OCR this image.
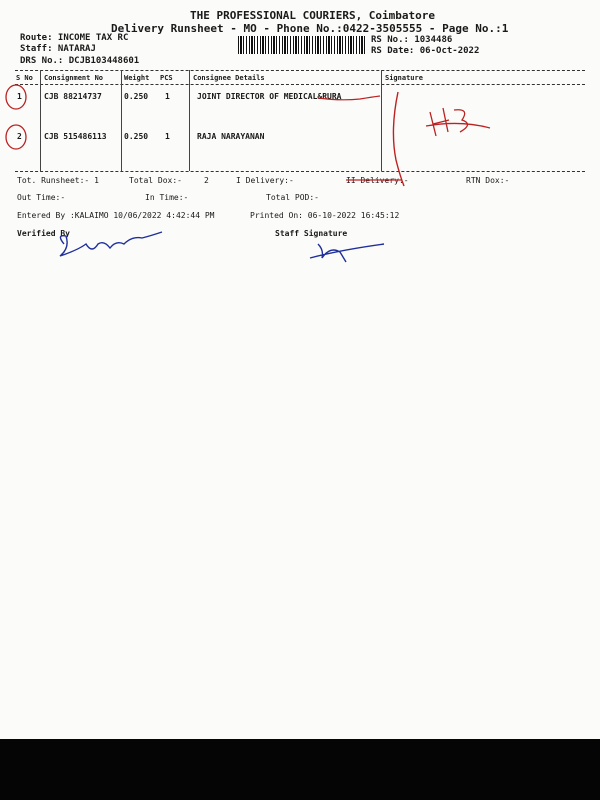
THE PROFESSIONAL COURIERS, Coimbatore
Delivery Runsheet - MO - Phone No.:0422-3505555 - Page No.:1
Route: INCOME TAX RC
Staff: NATARAJ
DRS No.: DCJB103448601
RS No.: 1034486
RS Date: 06-Oct-2022
S No Consignment No	Weight PCS	Consignee Details	Signature
1	CJB 88214737	0.250 1	JOINT DIRECTOR OF MEDICAL&RURA
2	CJB 515486113 0.250 1	RAJA NARAYANAN
Tot. Runsheet:- 1	Total Dox:-	2	I Delivery:-	II Delivery:-	RTN Dox:-
Out Time:-	In Time:-	Total POD:-
Entered By :KALAIMO 10/06/2022 4:42:44 PM	Printed On: 06-10-2022 16:45:12
Verified By	Staff Signature
